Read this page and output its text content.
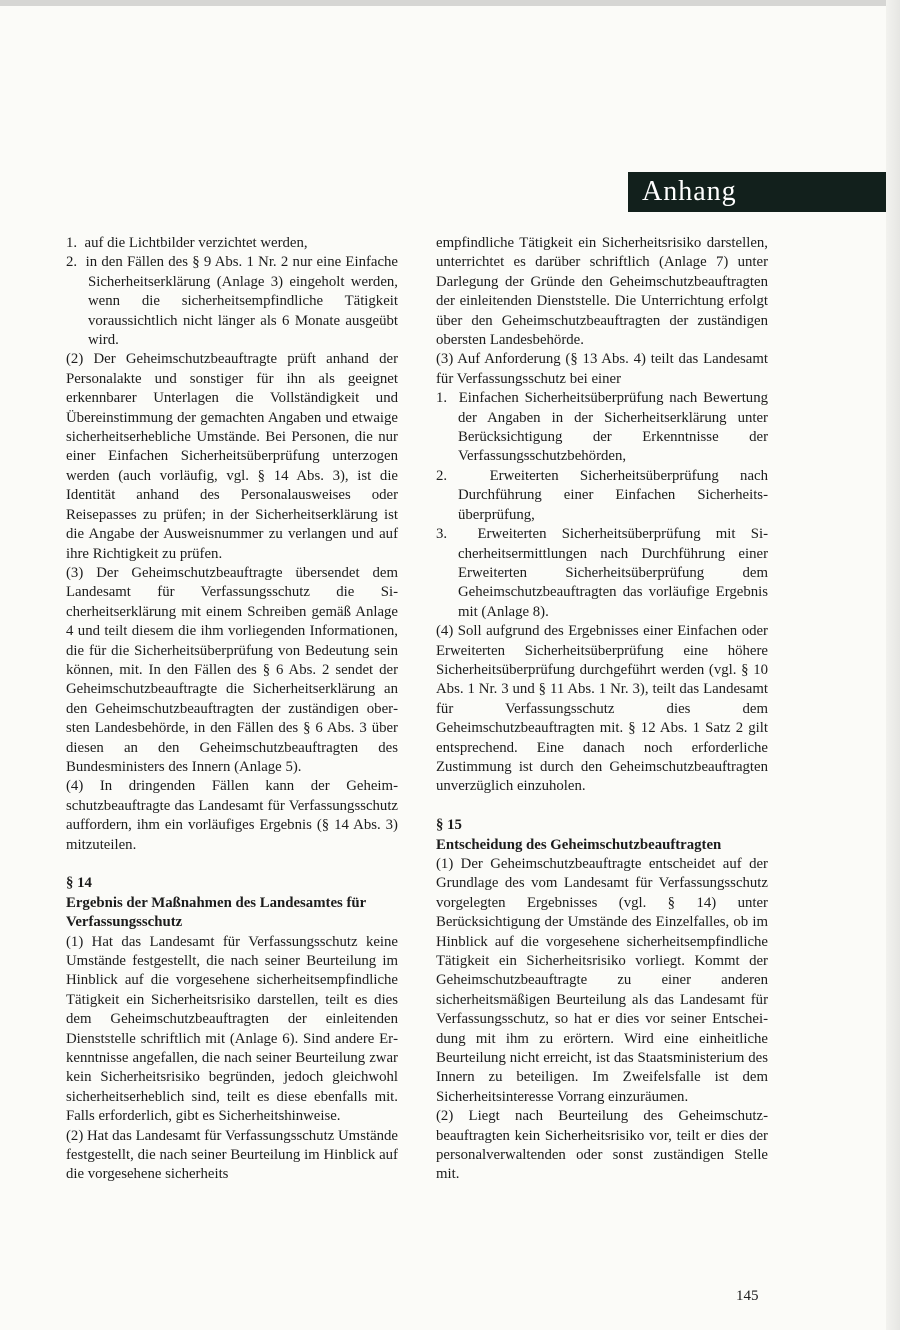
Anhang

1.  auf die Lichtbilder verzichtet werden,

2.  in den Fällen des § 9 Abs. 1 Nr. 2 nur eine Einfache Sicherheitserklärung (Anlage 3) eingeholt werden, wenn die sicherheitsempfindliche Tätigkeit voraussichtlich nicht länger als 6 Monate ausgeübt wird.

(2) Der Geheimschutzbeauftragte prüft anhand der Personalakte und sonstiger für ihn als geeignet erkennbarer Unterlagen die Vollständigkeit und Übereinstimmung der gemachten Angaben und etwaige sicherheitserhebliche Umstände. Bei Personen, die nur einer Einfachen Sicherheitsüberprüfung unterzogen werden (auch vorläufig, vgl. § 14 Abs. 3), ist die Identität anhand des Personalausweises oder Reisepasses zu prüfen; in der Sicherheitserklärung ist die Angabe der Ausweisnummer zu verlangen und auf ihre Richtigkeit zu prüfen.

(3) Der Geheimschutzbeauftragte übersendet dem Landesamt für Verfassungsschutz die Sicherheitserklärung mit einem Schreiben gemäß Anlage 4 und teilt diesem die ihm vorliegenden Informationen, die für die Sicherheitsüberprüfung von Bedeutung sein können, mit. In den Fällen des § 6 Abs. 2 sendet der Geheimschutzbeauftragte die Sicherheitserklärung an den Geheimschutzbeauftragten der zuständigen obersten Landesbehörde, in den Fällen des § 6 Abs. 3 über diesen an den Geheimschutzbeauftragten des Bundesministers des Innern (Anlage 5).

(4) In dringenden Fällen kann der Geheimschutzbeauftragte das Landesamt für Verfassungsschutz auffordern, ihm ein vorläufiges Ergebnis (§ 14 Abs. 3) mitzuteilen.

§ 14

Ergebnis der Maßnahmen des Landesamtes für Verfassungsschutz

(1) Hat das Landesamt für Verfassungsschutz keine Umstände festgestellt, die nach seiner Beurteilung im Hinblick auf die vorgesehene sicherheitsempfindliche Tätigkeit ein Sicherheitsrisiko darstellen, teilt es dies dem Geheimschutzbeauftragten der einleitenden Dienststelle schriftlich mit (Anlage 6). Sind andere Erkenntnisse angefallen, die nach seiner Beurteilung zwar kein Sicherheitsrisiko begründen, jedoch gleichwohl sicherheitserheblich sind, teilt es diese ebenfalls mit. Falls erforderlich, gibt es Sicherheitshinweise.

(2) Hat das Landesamt für Verfassungsschutz Umstände festgestellt, die nach seiner Beurteilung im Hinblick auf die vorgesehene sicherheits

empfindliche Tätigkeit ein Sicherheitsrisiko darstellen, unterrichtet es darüber schriftlich (Anlage 7) unter Darlegung der Gründe den Geheimschutzbeauftragten der einleitenden Dienststelle. Die Unterrichtung erfolgt über den Geheimschutzbeauftragten der zuständigen obersten Landesbehörde.

(3) Auf Anforderung (§ 13 Abs. 4) teilt das Landesamt für Verfassungsschutz bei einer

1.  Einfachen Sicherheitsüberprüfung nach Bewertung der Angaben in der Sicherheitserklärung unter Berücksichtigung der Erkenntnisse der Verfassungsschutzbehörden,

2.  Erweiterten Sicherheitsüberprüfung nach Durchführung einer Einfachen Sicherheitsüberprüfung,

3.  Erweiterten Sicherheitsüberprüfung mit Sicherheitsermittlungen nach Durchführung einer Erweiterten Sicherheitsüberprüfung dem Geheimschutzbeauftragten das vorläufige Ergebnis mit (Anlage 8).

(4) Soll aufgrund des Ergebnisses einer Einfachen oder Erweiterten Sicherheitsüberprüfung eine höhere Sicherheitsüberprüfung durchgeführt werden (vgl. § 10 Abs. 1 Nr. 3 und § 11 Abs. 1 Nr. 3), teilt das Landesamt für Verfassungsschutz dies dem Geheimschutzbeauftragten mit. § 12 Abs. 1 Satz 2 gilt entsprechend. Eine danach noch erforderliche Zustimmung ist durch den Geheimschutzbeauftragten unverzüglich einzuholen.

§ 15

Entscheidung des Geheimschutzbeauftragten

(1) Der Geheimschutzbeauftragte entscheidet auf der Grundlage des vom Landesamt für Verfassungsschutz vorgelegten Ergebnisses (vgl. § 14) unter Berücksichtigung der Umstände des Einzelfalles, ob im Hinblick auf die vorgesehene sicherheitsempfindliche Tätigkeit ein Sicherheitsrisiko vorliegt. Kommt der Geheimschutzbeauftragte zu einer anderen sicherheitsmäßigen Beurteilung als das Landesamt für Verfassungsschutz, so hat er dies vor seiner Entscheidung mit ihm zu erörtern. Wird eine einheitliche Beurteilung nicht erreicht, ist das Staatsministerium des Innern zu beteiligen. Im Zweifelsfalle ist dem Sicherheitsinteresse Vorrang einzuräumen.

(2) Liegt nach Beurteilung des Geheimschutzbeauftragten kein Sicherheitsrisiko vor, teilt er dies der personalverwaltenden oder sonst zuständigen Stelle mit.

145
